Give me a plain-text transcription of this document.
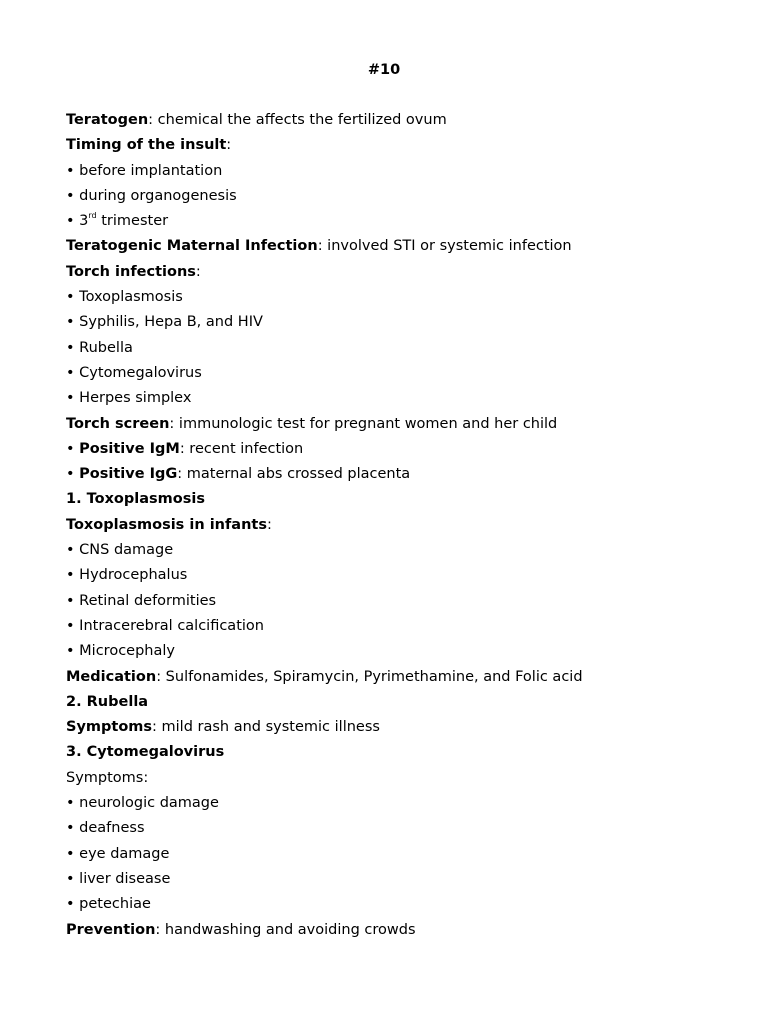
#10
Teratogen: chemical the affects the fertilized ovum
Timing of the insult:
• before implantation
• during organogenesis
• 3rd trimester
Teratogenic Maternal Infection: involved STI or systemic infection
Torch infections:
• Toxoplasmosis
• Syphilis, Hepa B, and HIV
• Rubella
• Cytomegalovirus
• Herpes simplex
Torch screen: immunologic test for pregnant women and her child
• Positive IgM: recent infection
• Positive IgG: maternal abs crossed placenta
1. Toxoplasmosis
Toxoplasmosis in infants:
• CNS damage
• Hydrocephalus
• Retinal deformities
• Intracerebral calcification
• Microcephaly
Medication: Sulfonamides, Spiramycin, Pyrimethamine, and Folic acid
2. Rubella
Symptoms: mild rash and systemic illness
3. Cytomegalovirus
Symptoms:
• neurologic damage
• deafness
• eye damage
• liver disease
• petechiae
Prevention: handwashing and avoiding crowds
